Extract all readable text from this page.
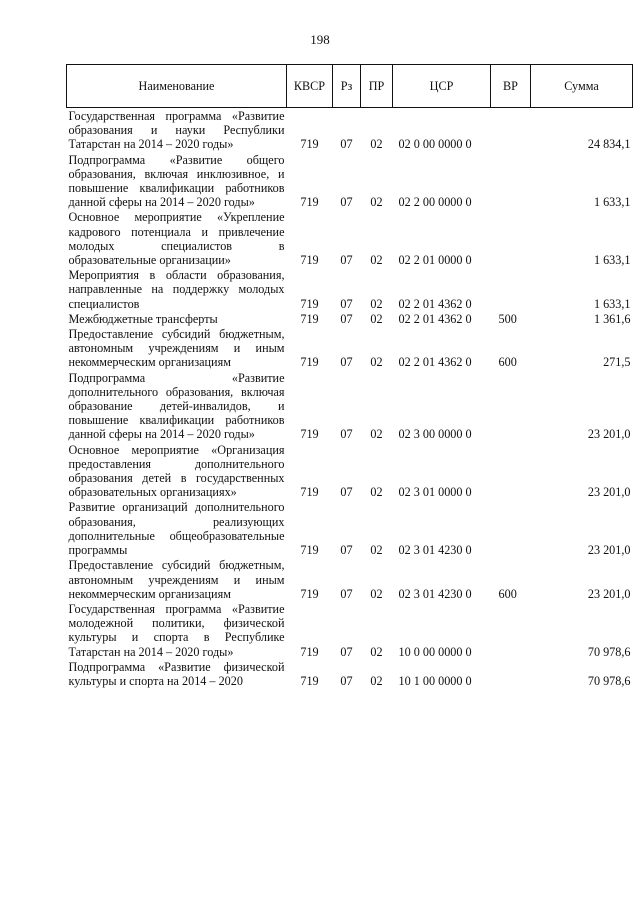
198
Наименование	КВСР	Рз	ПР	ЦСР	ВР	Сумма
Государственная программа «Развитие образования и науки Республики Татарстан на 2014 – 2020 годы»	719	07	02	02 0 00 0000 0		24 834,1
Подпрограмма «Развитие общего образования, включая инклюзивное, и повышение квалификации работников данной сферы на 2014 – 2020 годы»	719	07	02	02 2 00 0000 0		1 633,1
Основное мероприятие «Укрепление кадрового потенциала и привлечение молодых специалистов в образовательные организации»	719	07	02	02 2 01 0000 0		1 633,1
Мероприятия в области образования, направленные на поддержку молодых специалистов	719	07	02	02 2 01 4362 0		1 633,1
Межбюджетные трансферты	719	07	02	02 2 01 4362 0	500	1 361,6
Предоставление субсидий бюджетным, автономным учреждениям и иным некоммерческим организациям	719	07	02	02 2 01 4362 0	600	271,5
Подпрограмма «Развитие дополнительного образования, включая образование детей-инвалидов, и повышение квалификации работников данной сферы на 2014 – 2020 годы»	719	07	02	02 3 00 0000 0		23 201,0
Основное мероприятие «Организация предоставления дополнительного образования детей в государственных образовательных организациях»	719	07	02	02 3 01 0000 0		23 201,0
Развитие организаций дополнительного образования, реализующих дополнительные общеобразовательные программы	719	07	02	02 3 01 4230 0		23 201,0
Предоставление субсидий бюджетным, автономным учреждениям и иным некоммерческим организациям	719	07	02	02 3 01 4230 0	600	23 201,0
Государственная программа «Развитие молодежной политики, физической культуры и спорта в Республике Татарстан на 2014 – 2020 годы»	719	07	02	10 0 00 0000 0		70 978,6
Подпрограмма «Развитие физической культуры и спорта на 2014 – 2020	719	07	02	10 1 00 0000 0		70 978,6
